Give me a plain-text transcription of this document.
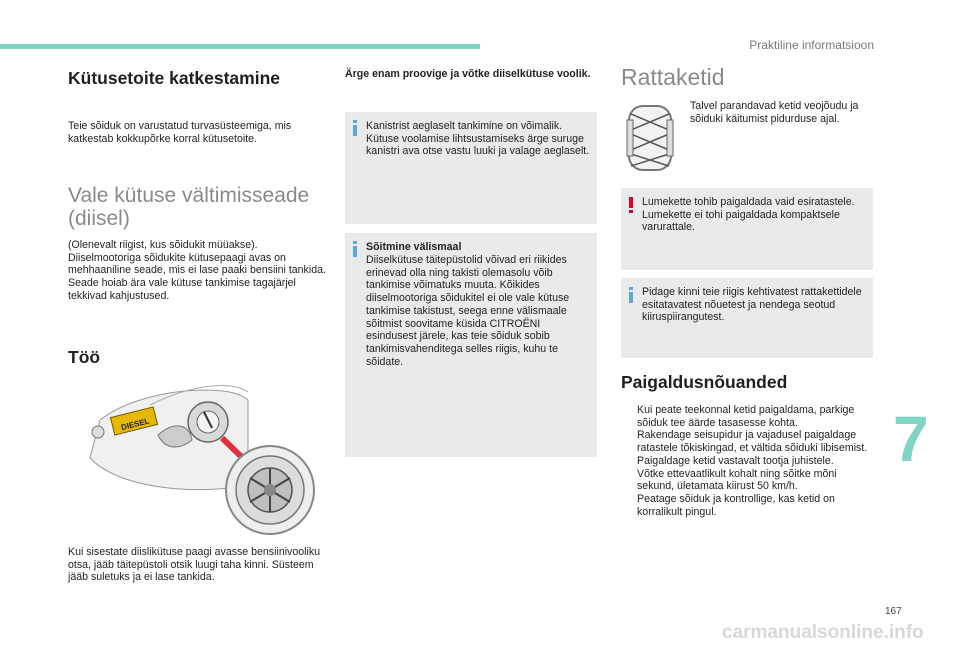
Praktiline informatsioon
Kütusetoite katkestamine

Teie sõiduk on varustatud turvasüsteemiga, mis katkestab kokkupõrke korral kütusetoite.

Vale kütuse vältimisseade (diisel)

(Olenevalt riigist, kus sõidukit müüakse). Diiselmootoriga sõidukite kütusepaagi avas on mehhaaniline seade, mis ei lase paaki bensiini tankida. Seade hoiab ära vale kütuse tankimise tagajärjel tekkivad kahjustused.

Töö
DIESEL

Kui sisestate diislikütuse paagi avasse bensiinivooliku otsa, jääb täitepüstoli otsik luugi taha kinni. Süsteem jääb suletuks ja ei lase tankida.

Ärge enam proovige ja võtke diiselkütuse voolik.

Kanistrist aeglaselt tankimine on võimalik. Kütuse voolamise lihtsustamiseks ärge suruge kanistri ava otse vastu luuki ja valage aeglaselt.

Sõitmine välismaal

Diiselkütuse täitepüstolid võivad eri riikides erinevad olla ning takisti olemasolu võib tankimise võimatuks muuta. Kõikides diiselmootoriga sõidukitel ei ole vale kütuse tankimise takistust, seega enne välismaale sõitmist soovitame küsida CITROËNI esindusest järele, kas teie sõiduk sobib tankimisvahenditega selles riigis, kuhu te sõidate.

Rattaketid

Talvel parandavad ketid veojõudu ja sõiduki käitumist pidurduse ajal.

Lumekette tohib paigaldada vaid esiratastele. Lumekette ei tohi paigaldada kompaktsele varurattale.

Pidage kinni teie riigis kehtivatest rattakettidele esitatavatest nõuetest ja nendega seotud kiiruspiirangutest.

Paigaldusnõuanded
Kui peate teekonnal ketid paigaldama, parkige sõiduk tee äärde tasasesse kohta.
Rakendage seisupidur ja vajadusel paigaldage ratastele tõkiskingad, et vältida sõiduki libisemist.
Paigaldage ketid vastavalt tootja juhistele.
Võtke ettevaatlikult kohalt ning sõitke mõni sekund, ületamata kiirust 50 km/h.
Peatage sõiduk ja kontrollige, kas ketid on korralikult pingul.
7
167
carmanualsonline.info
